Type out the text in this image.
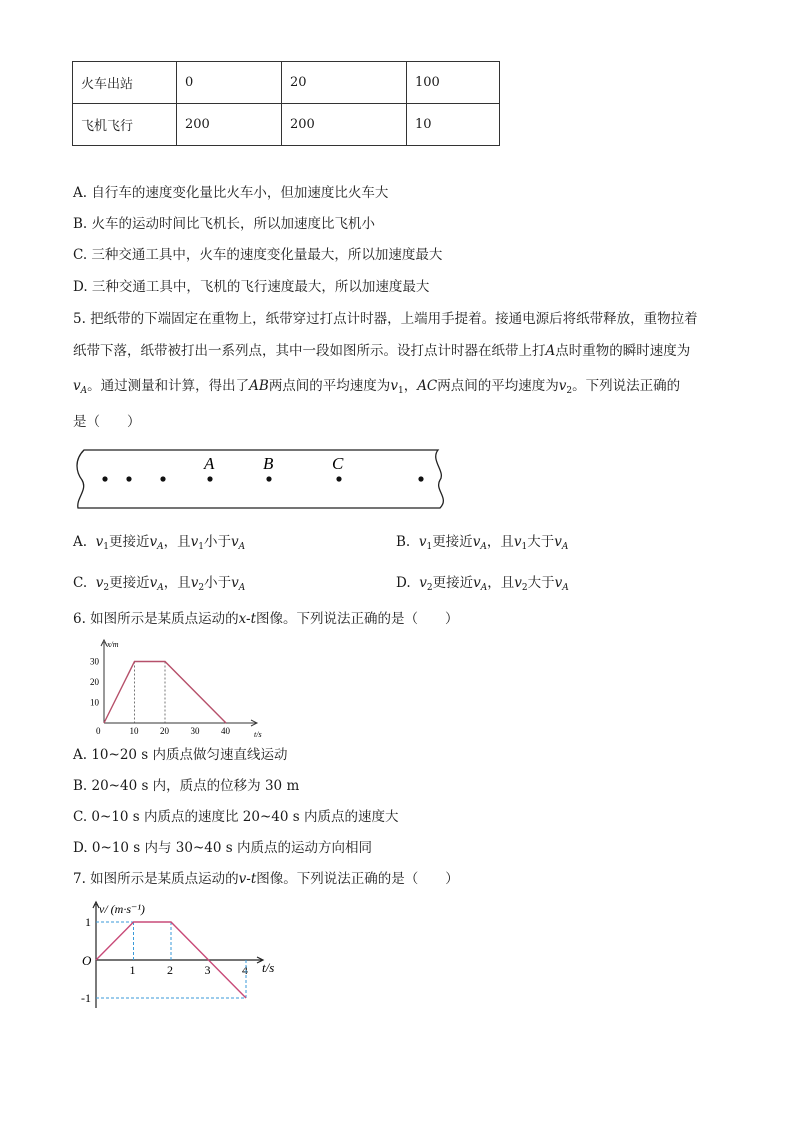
火车出站	0	20	100
飞机飞行	200	200	10
A. 自行车的速度变化量比火车小，但加速度比火车大
B. 火车的运动时间比飞机长，所以加速度比飞机小
C. 三种交通工具中，火车的速度变化量最大，所以加速度最大
D. 三种交通工具中，飞机的飞行速度最大，所以加速度最大
5. 把纸带的下端固定在重物上，纸带穿过打点计时器，上端用手提着。接通电源后将纸带释放，重物拉着
纸带下落，纸带被打出一系列点，其中一段如图所示。设打点计时器在纸带上打A点时重物的瞬时速度为
$v_A$。通过测量和计算，得出了AB两点间的平均速度为$v_1$，AC两点间的平均速度为$v_2$。下列说法正确的
是（　　）
A	B	C
A. $v_1$更接近$v_A$，且$v_1$小于$v_A$	B. $v_1$更接近$v_A$，且$v_1$大于$v_A$
C. $v_2$更接近$v_A$，且$v_2$小于$v_A$	D. $v_2$更接近$v_A$，且$v_2$大于$v_A$
6. 如图所示是某质点运动的x-t图像。下列说法正确的是（　　）
x/m
t/s
10
20
30
0	10 20 30 40
A. 10~20 s 内质点做匀速直线运动
B. 20~40 s 内，质点的位移为 30 m
C. 0~10 s 内质点的速度比 20~40 s 内质点的速度大
D. 0~10 s 内与 30~40 s 内质点的运动方向相同
7. 如图所示是某质点运动的v-t图像。下列说法正确的是（　　）
v/ (m·s⁻¹)
t/s
O
1
-1
1	2	3	4
